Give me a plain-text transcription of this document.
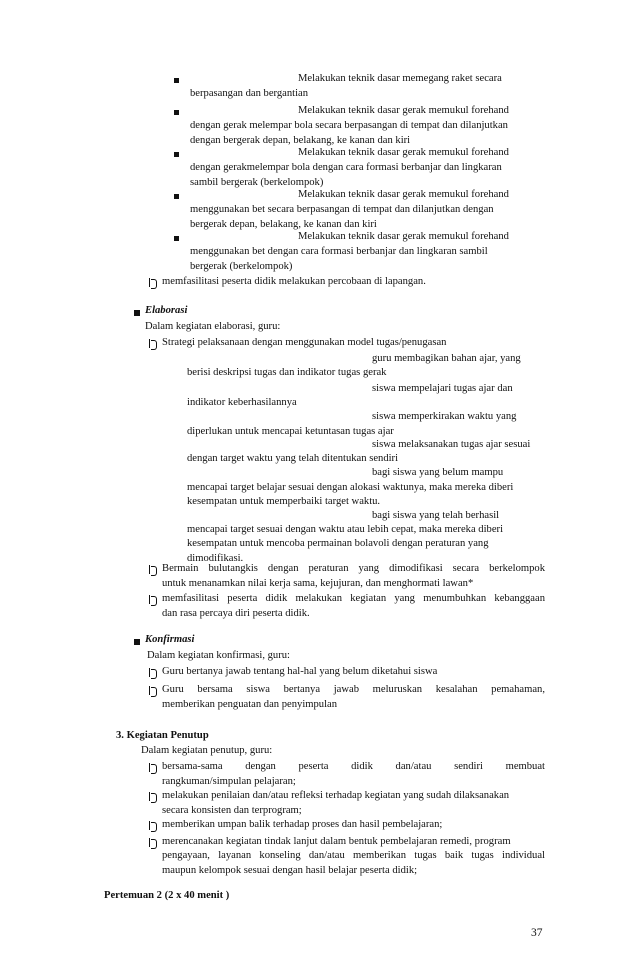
Melakukan teknik dasar memegang raket secara
berpasangan dan bergantian
Melakukan teknik dasar gerak memukul forehand
dengan gerak melempar bola secara berpasangan di tempat dan dilanjutkan
dengan bergerak depan, belakang, ke kanan dan kiri
Melakukan teknik dasar gerak memukul forehand
dengan gerakmelempar bola dengan cara formasi berbanjar dan lingkaran
sambil bergerak (berkelompok)
Melakukan teknik dasar gerak memukul forehand
menggunakan bet secara berpasangan di tempat dan dilanjutkan dengan
bergerak depan, belakang, ke kanan dan kiri
Melakukan teknik dasar gerak memukul forehand
menggunakan bet dengan cara formasi berbanjar dan lingkaran sambil
bergerak (berkelompok)
memfasilitasi peserta didik melakukan percobaan di lapangan.
Elaborasi
Dalam kegiatan elaborasi, guru:
Strategi pelaksanaan dengan menggunakan model tugas/penugasan
guru membagikan bahan ajar, yang
berisi deskripsi tugas dan indikator tugas gerak
siswa mempelajari tugas ajar dan
indikator keberhasilannya
siswa memperkirakan waktu yang
diperlukan untuk mencapai ketuntasan tugas ajar
siswa melaksanakan tugas ajar sesuai
dengan target waktu yang telah ditentukan sendiri
bagi siswa yang belum mampu
mencapai target belajar sesuai dengan alokasi waktunya, maka mereka diberi
kesempatan untuk memperbaiki target waktu.
bagi siswa yang telah berhasil
mencapai target sesuai dengan waktu atau lebih cepat, maka mereka diberi
kesempatan untuk mencoba permainan bolavoli dengan peraturan yang
dimodifikasi.
Bermain bulutangkis dengan peraturan yang dimodifikasi secara berkelompok
untuk menanamkan nilai kerja sama, kejujuran, dan menghormati lawan*
memfasilitasi peserta didik melakukan kegiatan yang menumbuhkan kebanggaan
dan rasa percaya diri peserta didik.
Konfirmasi
Dalam kegiatan konfirmasi, guru:
Guru bertanya jawab tentang hal-hal yang belum diketahui siswa
Guru bersama siswa bertanya jawab meluruskan kesalahan pemahaman,
memberikan penguatan dan penyimpulan
3. Kegiatan Penutup
Dalam kegiatan penutup, guru:
bersama-sama dengan peserta didik dan/atau sendiri membuat
rangkuman/simpulan pelajaran;
melakukan penilaian dan/atau refleksi terhadap kegiatan yang sudah dilaksanakan
secara konsisten dan terprogram;
memberikan umpan balik terhadap proses dan hasil pembelajaran;
merencanakan kegiatan tindak lanjut dalam bentuk pembelajaran remedi, program
pengayaan, layanan konseling dan/atau memberikan tugas baik tugas individual
maupun kelompok sesuai dengan hasil belajar peserta didik;
Pertemuan 2 (2 x 40 menit )
37
